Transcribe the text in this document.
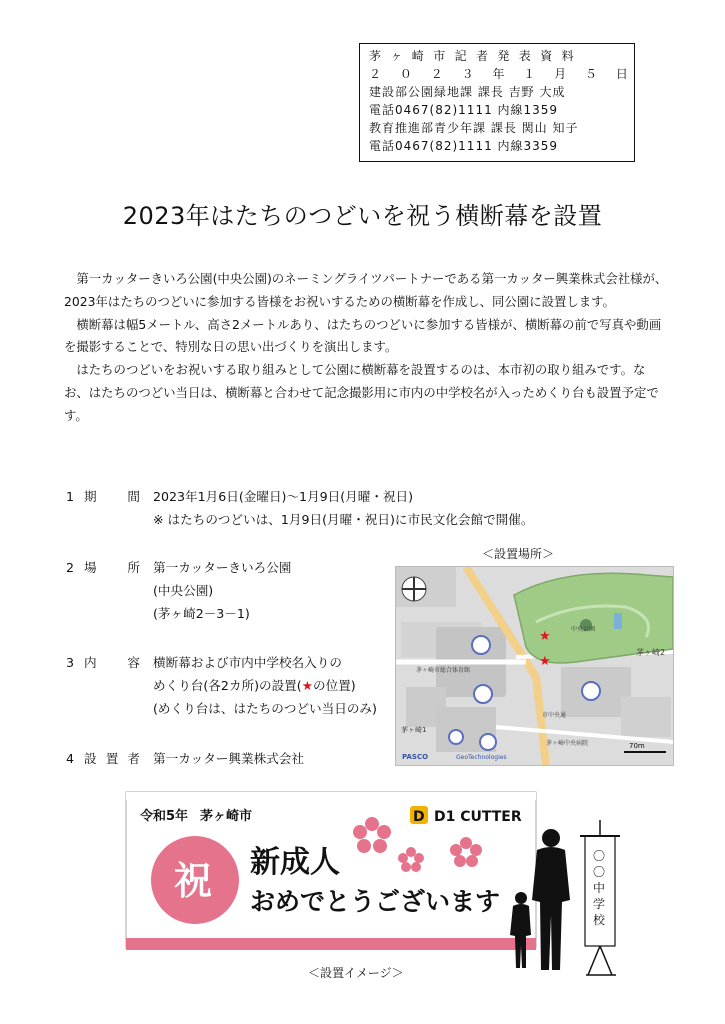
茅ヶ崎市記者発表資料
２ ０ ２ ３ 年 １ 月 ５ 日
建設部公園緑地課 課長 吉野 大成
電話0467(82)1111 内線1359
教育推進部青少年課 課長 関山 知子
電話0467(82)1111 内線3359
2023年はたちのつどいを祝う横断幕を設置

第一カッターきいろ公園(中央公園)のネーミングライツパートナーである第一カッター興業株式会社様が、2023年はたちのつどいに参加する皆様をお祝いするための横断幕を作成し、同公園に設置します。

横断幕は幅5メートル、高さ2メートルあり、はたちのつどいに参加する皆様が、横断幕の前で写真や動画を撮影することで、特別な日の思い出づくりを演出します。

はたちのつどいをお祝いする取り組みとして公園に横断幕を設置するのは、本市初の取り組みです。なお、はたちのつどい当日は、横断幕と合わせて記念撮影用に市内の中学校名が入っためくり台も設置予定です。

1 期 間 2023年1月6日(金曜日)～1月9日(月曜・祝日)
※ はたちのつどいは、1月9日(月曜・祝日)に市民文化会館で開催。
2 場 所 第一カッターきいろ公園
(中央公園)
(茅ヶ崎2－3－1)
3 内 容 横断幕および市内中学校名入りの
めくり台(各2カ所)の設置(★の位置)
(めくり台は、はたちのつどい当日のみ)
4 設 置 者 第一カッター興業株式会社
＜設置場所＞
★
★
中央公園
茅ヶ崎市総合体育館
茅ヶ崎2
茅ヶ崎1
市中央通
茅ヶ崎中央病院
PASCO	GeoTechnologies
70m
令和5年 茅ヶ崎市	D D1 CUTTER
祝 新成人
おめでとうございます
〇
〇
中
学
校
＜設置イメージ＞
